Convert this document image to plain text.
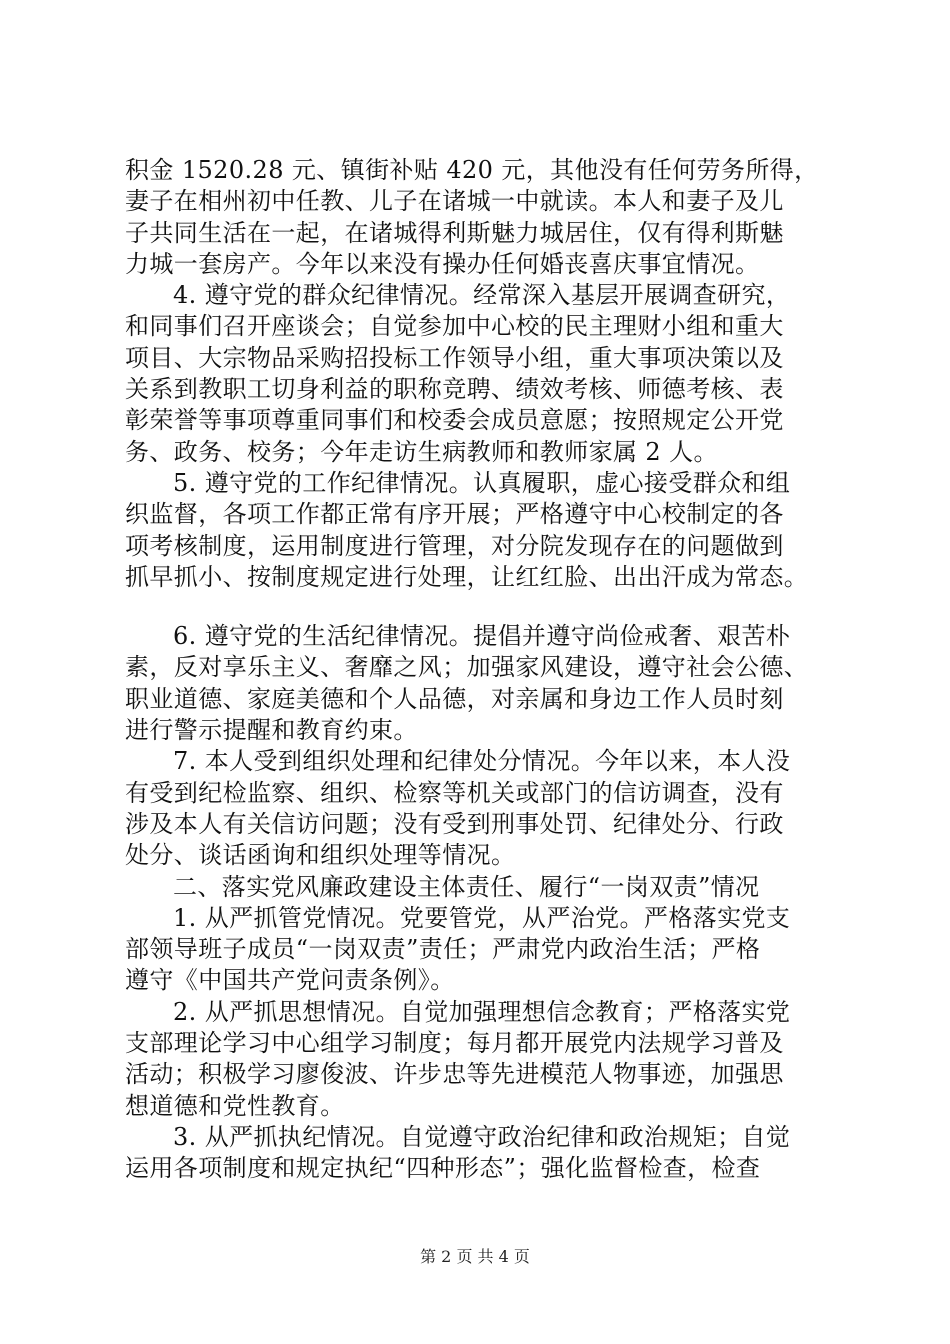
积金 1520.28 元、镇街补贴 420 元，其他没有任何劳务所得，
妻子在相州初中任教、儿子在诸城一中就读。本人和妻子及儿
子共同生活在一起，在诸城得利斯魅力城居住，仅有得利斯魅
力城一套房产。今年以来没有操办任何婚丧喜庆事宜情况。
4. 遵守党的群众纪律情况。经常深入基层开展调查研究，
和同事们召开座谈会；自觉参加中心校的民主理财小组和重大
项目、大宗物品采购招投标工作领导小组，重大事项决策以及
关系到教职工切身利益的职称竞聘、绩效考核、师德考核、表
彰荣誉等事项尊重同事们和校委会成员意愿；按照规定公开党
务、政务、校务；今年走访生病教师和教师家属 2 人。
5. 遵守党的工作纪律情况。认真履职，虚心接受群众和组
织监督，各项工作都正常有序开展；严格遵守中心校制定的各
项考核制度，运用制度进行管理，对分院发现存在的问题做到
抓早抓小、按制度规定进行处理，让红红脸、出出汗成为常态。
6. 遵守党的生活纪律情况。提倡并遵守尚俭戒奢、艰苦朴
素，反对享乐主义、奢靡之风；加强家风建设，遵守社会公德、
职业道德、家庭美德和个人品德，对亲属和身边工作人员时刻
进行警示提醒和教育约束。
7. 本人受到组织处理和纪律处分情况。今年以来，本人没
有受到纪检监察、组织、检察等机关或部门的信访调查，没有
涉及本人有关信访问题；没有受到刑事处罚、纪律处分、行政
处分、谈话函询和组织处理等情况。
二、落实党风廉政建设主体责任、履行“一岗双责”情况
1. 从严抓管党情况。党要管党，从严治党。严格落实党支
部领导班子成员“一岗双责”责任；严肃党内政治生活；严格
遵守《中国共产党问责条例》。
2. 从严抓思想情况。自觉加强理想信念教育；严格落实党
支部理论学习中心组学习制度；每月都开展党内法规学习普及
活动；积极学习廖俊波、许步忠等先进模范人物事迹，加强思
想道德和党性教育。
3. 从严抓执纪情况。自觉遵守政治纪律和政治规矩；自觉
运用各项制度和规定执纪“四种形态”；强化监督检查，检查
第 2 页 共 4 页
